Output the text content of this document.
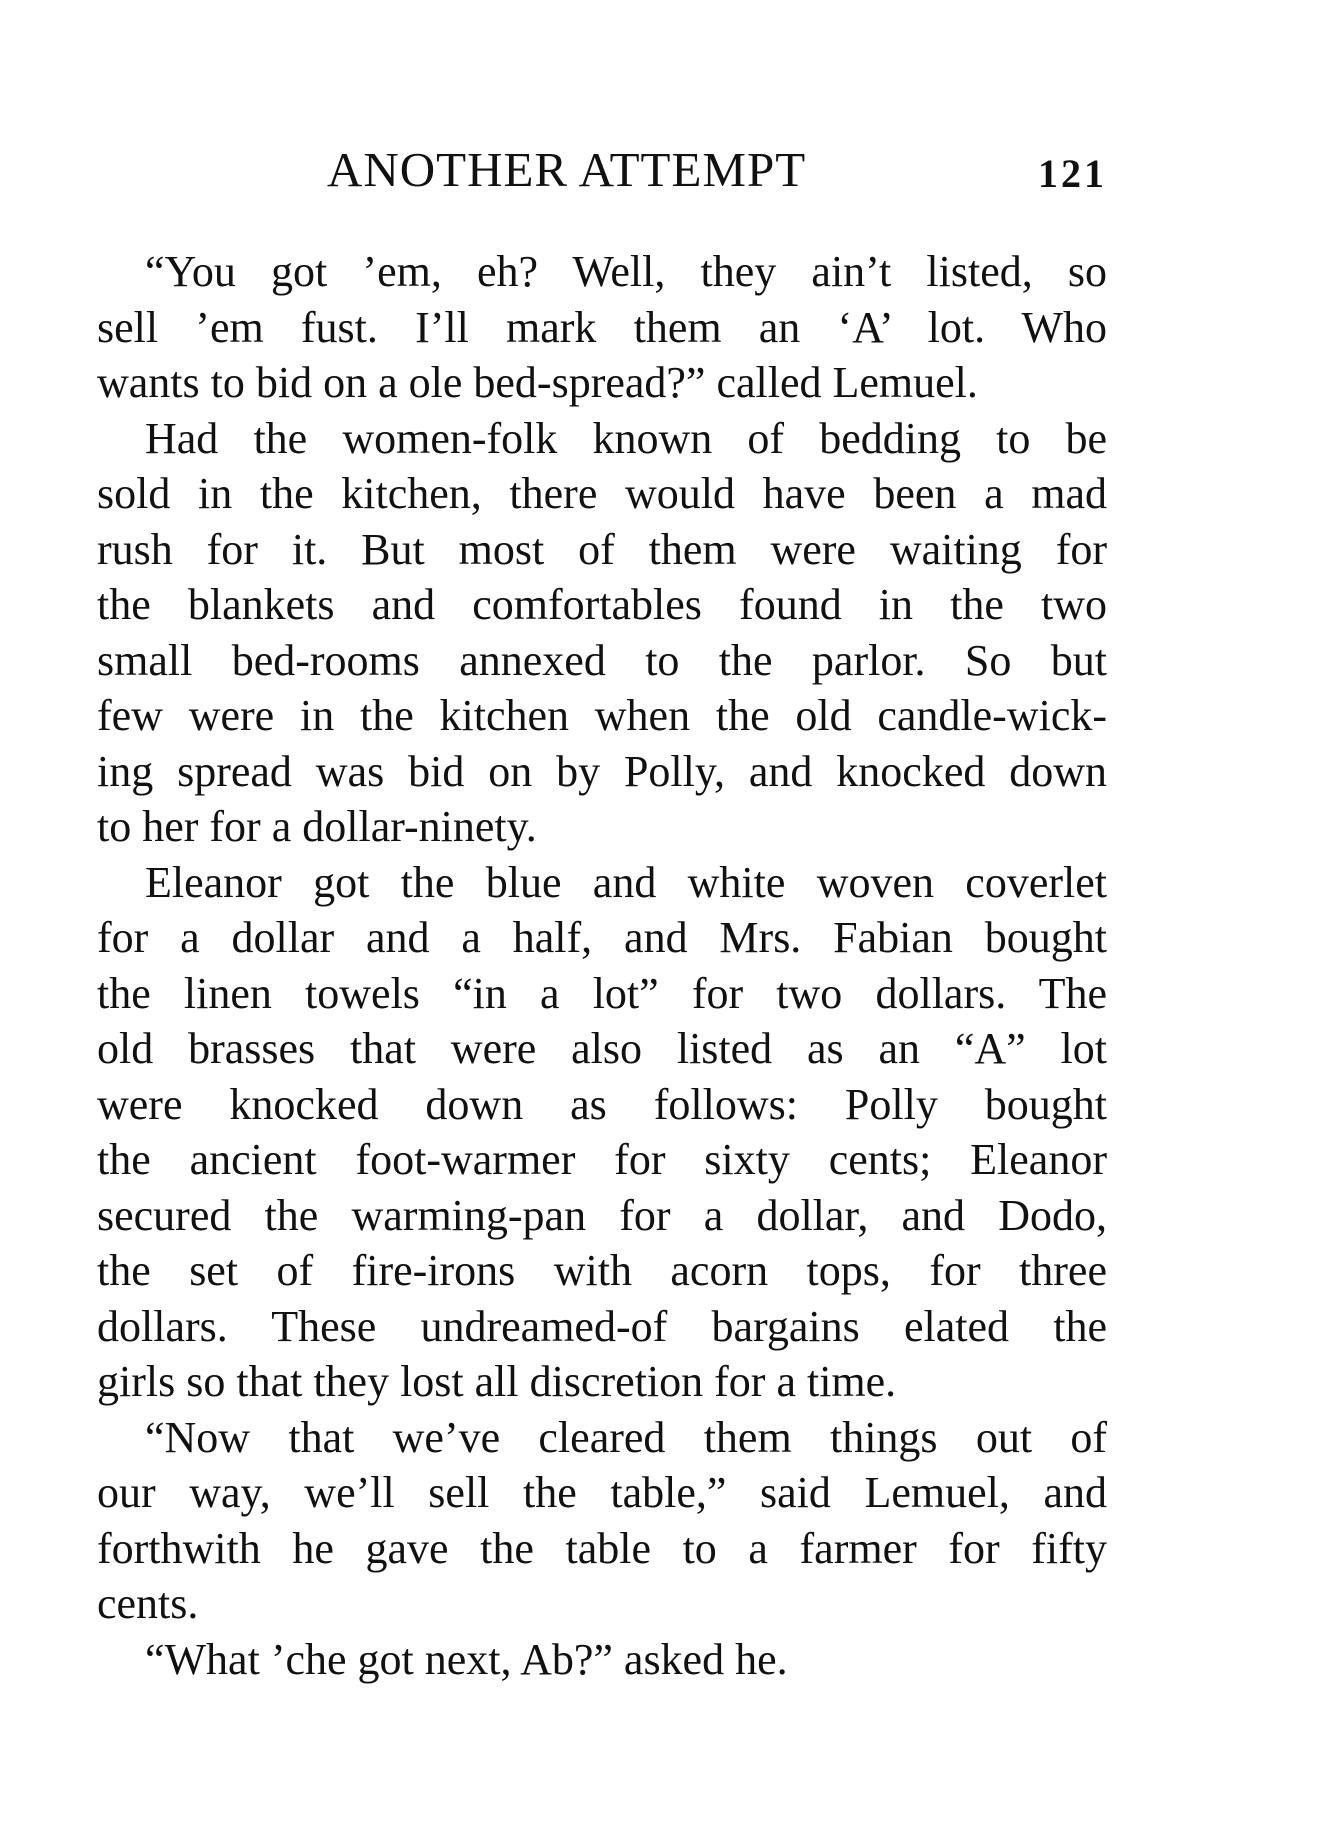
ANOTHER ATTEMPT	121
“You got ’em, eh? Well, they ain’t listed, so
sell ’em fust. I’ll mark them an ‘A’ lot. Who
wants to bid on a ole bed-spread?” called Lemuel.
Had the women-folk known of bedding to be
sold in the kitchen, there would have been a mad
rush for it. But most of them were waiting for
the blankets and comfortables found in the two
small bed-rooms annexed to the parlor. So but
few were in the kitchen when the old candle-wick-
ing spread was bid on by Polly, and knocked down
to her for a dollar-ninety.
Eleanor got the blue and white woven coverlet
for a dollar and a half, and Mrs. Fabian bought
the linen towels “in a lot” for two dollars. The
old brasses that were also listed as an “A” lot
were knocked down as follows: Polly bought
the ancient foot-warmer for sixty cents; Eleanor
secured the warming-pan for a dollar, and Dodo,
the set of fire-irons with acorn tops, for three
dollars. These undreamed-of bargains elated the
girls so that they lost all discretion for a time.
“Now that we’ve cleared them things out of
our way, we’ll sell the table,” said Lemuel, and
forthwith he gave the table to a farmer for fifty
cents.
“What ’che got next, Ab?” asked he.
